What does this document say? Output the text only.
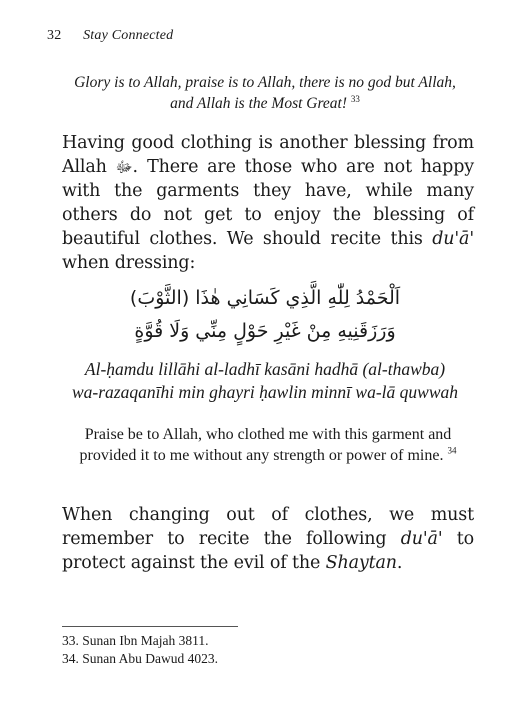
32 Stay Connected
Glory is to Allah, praise is to Allah, there is no god but Allah, and Allah is the Most Great! $^{33}$

Having good clothing is another blessing from Allah ﷻ. There are those who are not happy with the garments they have, while many others do not get to enjoy the blessing of beautiful clothes. We should recite this du'ā' when dressing:

اَلْحَمْدُ لِلّٰهِ الَّذِي كَسَانِي هٰذَا (الثَّوْبَ)
وَرَزَقَنِيهِ مِنْ غَيْرِ حَوْلٍ مِنِّي وَلَا قُوَّةٍ
Al-ḥamdu lillāhi al-ladhī kasāni hadhā (al-thawba)
wa-razaqanīhi min ghayri ḥawlin minnī wa-lā quwwah
Praise be to Allah, who clothed me with this garment and provided it to me without any strength or power of mine. $^{34}$

When changing out of clothes, we must remember to recite the following du'ā' to protect against the evil of the Shaytan.

33. Sunan Ibn Majah 3811.
34. Sunan Abu Dawud 4023.
